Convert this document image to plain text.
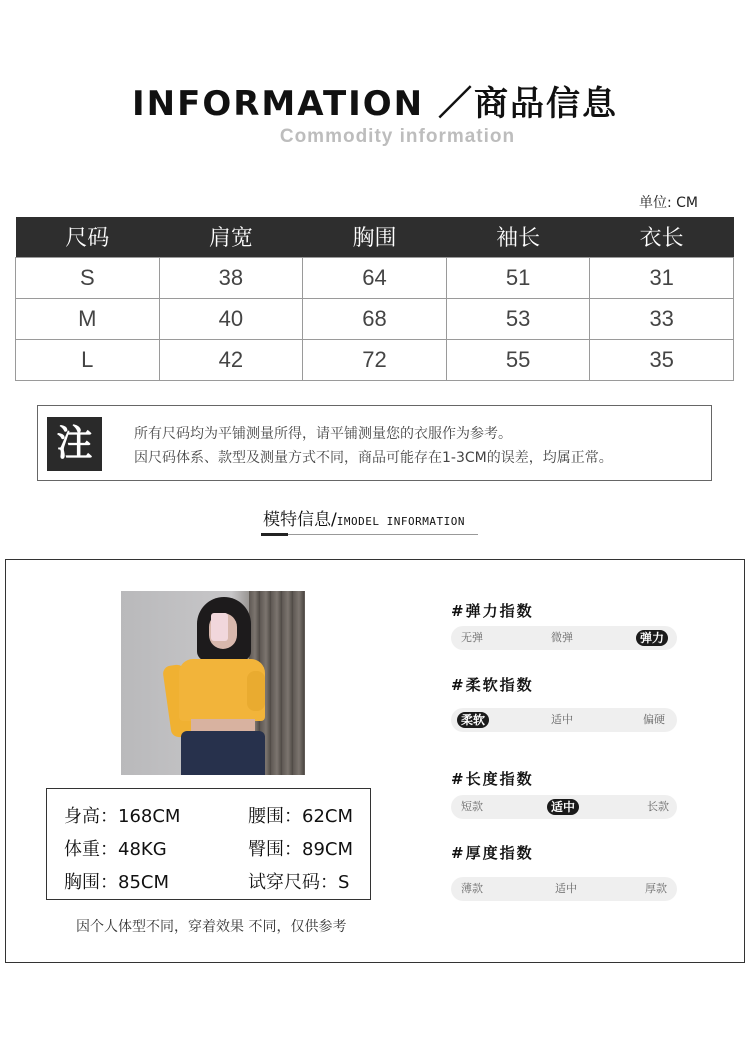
INFORMATION ／商品信息
Commodity information
单位: CM
尺码	肩宽	胸围	袖长	衣长
S	38	64	51	31
M	40	68	53	33
L	42	72	55	35
注	所有尺码均为平铺测量所得，请平铺测量您的衣服作为参考。
因尺码体系、款型及测量方式不同，商品可能存在1-3CM的误差，均属正常。
模特信息/IMODEL INFORMATION
身高：168CM	腰围：62CM
体重：48KG	臀围：89CM
胸围：85CM	试穿尺码：S
因个人体型不同，穿着效果 不同，仅供参考
#弹力指数
无弹	微弹	弹力
#柔软指数
柔软	适中	偏硬
#长度指数
短款	适中	长款
#厚度指数
薄款	适中	厚款
